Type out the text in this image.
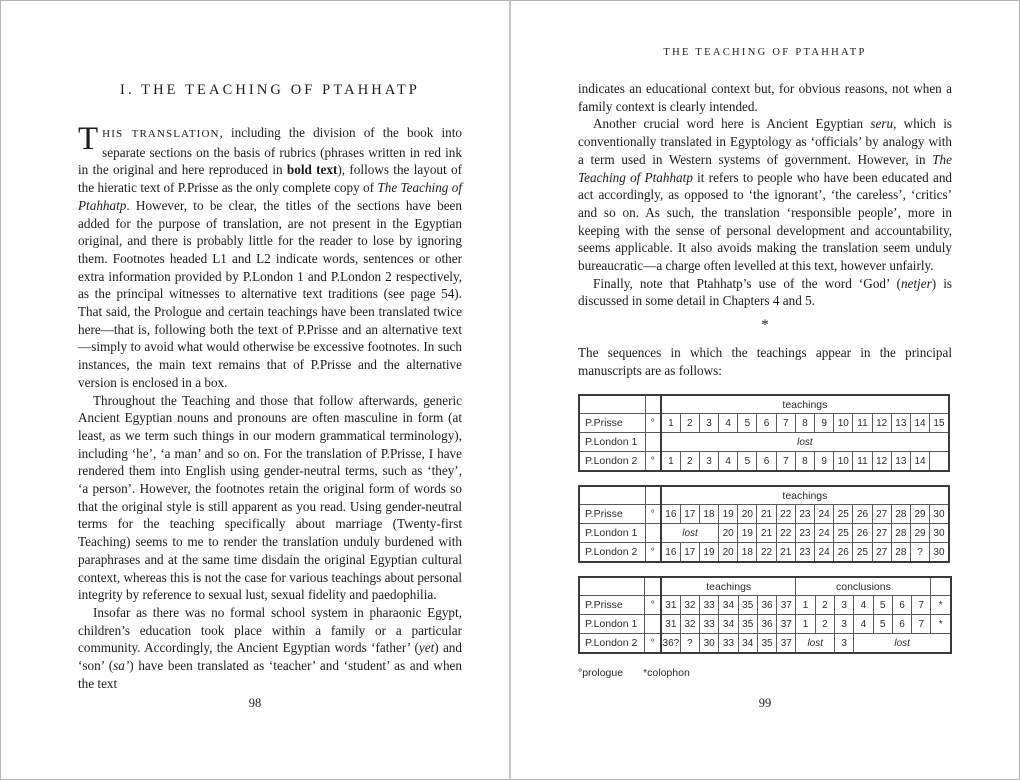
I. THE TEACHING OF PTAHHATP

THIS TRANSLATION, including the division of the book into separate sections on the basis of rubrics (phrases written in red ink in the original and here reproduced in bold text), follows the layout of the hieratic text of P.Prisse as the only complete copy of The Teaching of Ptahhatp. However, to be clear, the titles of the sections have been added for the purpose of translation, are not present in the Egyptian original, and there is probably little for the reader to lose by ignoring them. Footnotes headed L1 and L2 indicate words, sentences or other extra information provided by P.London 1 and P.London 2 respectively, as the principal witnesses to alternative text traditions (see page 54). That said, the Prologue and certain teachings have been translated twice here—that is, following both the text of P.Prisse and an alternative text—simply to avoid what would otherwise be excessive footnotes. In such instances, the main text remains that of P.Prisse and the alternative version is enclosed in a box.

Throughout the Teaching and those that follow afterwards, generic Ancient Egyptian nouns and pronouns are often masculine in form (at least, as we term such things in our modern grammatical terminology), including ‘he’, ‘a man’ and so on. For the translation of P.Prisse, I have rendered them into English using gender-neutral terms, such as ‘they’, ‘a person’. However, the footnotes retain the original form of words so that the original style is still apparent as you read. Using gender-neutral terms for the teaching specifically about marriage (Twenty-first Teaching) seems to me to render the translation unduly burdened with paraphrases and at the same time disdain the original Egyptian cultural context, whereas this is not the case for various teachings about personal integrity by reference to sexual lust, sexual fidelity and paedophilia.

Insofar as there was no formal school system in pharaonic Egypt, children’s education took place within a family or a particular community. Accordingly, the Ancient Egyptian words ‘father’ (yet) and ‘son’ (sa’) have been translated as ‘teacher’ and ‘student’ as and when the text

98
THE TEACHING OF PTAHHATP

indicates an educational context but, for obvious reasons, not when a family context is clearly intended.

Another crucial word here is Ancient Egyptian seru, which is conventionally translated in Egyptology as ‘officials’ by analogy with a term used in Western systems of government. However, in The Teaching of Ptahhatp it refers to people who have been educated and act accordingly, as opposed to ‘the ignorant’, ‘the careless’, ‘critics’ and so on. As such, the translation ‘responsible people’, more in keeping with the sense of personal development and accountability, seems applicable. It also avoids making the translation seem unduly bureaucratic—a charge often levelled at this text, however unfairly.

Finally, note that Ptahhatp’s use of the word ‘God’ (netjer) is discussed in some detail in Chapters 4 and 5.

*

The sequences in which the teachings appear in the principal manuscripts are as follows:

		teachings														
P.Prisse	°	1	2	3	4	5	6	7	8	9	10	11	12	13	14	15
P.London 1		lost														
P.London 2	°	1	2	3	4	5	6	7	8	9	10	11	12	13	14	
		teachings														
P.Prisse	°	16	17	18	19	20	21	22	23	24	25	26	27	28	29	30
P.London 1		lost			20	19	21	22	23	24	25	26	27	28	29	30
P.London 2	°	16	17	19	20	18	22	21	23	24	26	25	27	28	?	30
		teachings							conclusions							
P.Prisse	°	31	32	33	34	35	36	37	1	2	3	4	5	6	7	*
P.London 1		31	32	33	34	35	36	37	1	2	3	4	5	6	7	*
P.London 2	°	36?	?	30	33	34	35	37	lost		3	lost				
°prologue *colophon
99
